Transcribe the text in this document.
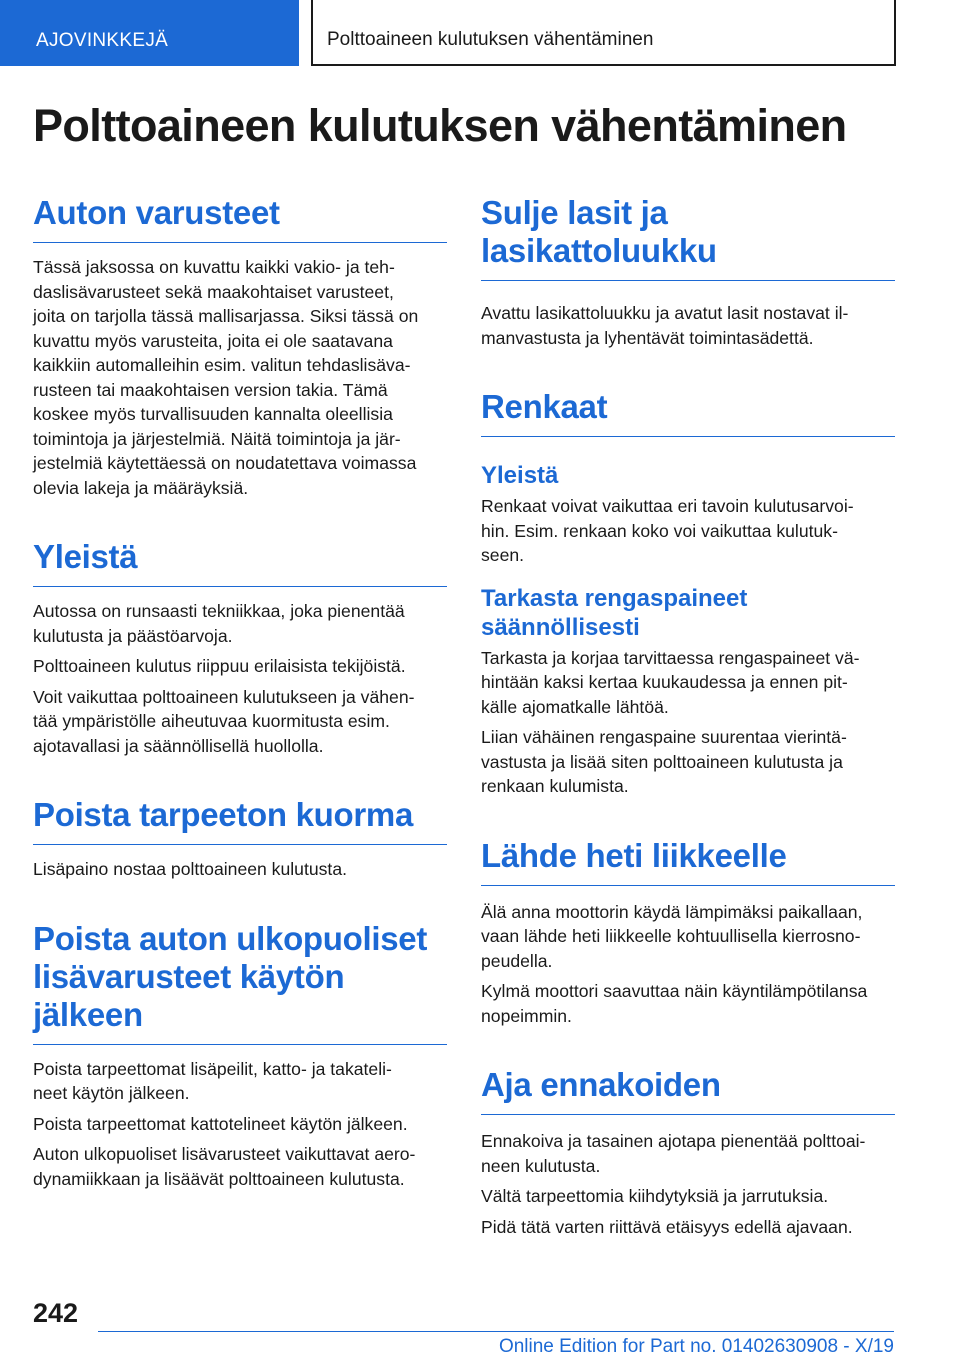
AJOVINKKEJÄ	Polttoaineen kulutuksen vähentäminen
Polttoaineen kulutuksen vähentäminen
Auton varusteet

Tässä jaksossa on kuvattu kaikki vakio- ja teh-
daslisävarusteet sekä maakohtaiset varusteet,
joita on tarjolla tässä mallisarjassa. Siksi tässä on
kuvattu myös varusteita, joita ei ole saatavana
kaikkiin automalleihin esim. valitun tehdaslisäva-
rusteen tai maakohtaisen version takia. Tämä
koskee myös turvallisuuden kannalta oleellisia
toimintoja ja järjestelmiä. Näitä toimintoja ja jär-
jestelmiä käytettäessä on noudatettava voimassa
olevia lakeja ja määräyksiä.

Yleistä

Autossa on runsaasti tekniikkaa, joka pienentää
kulutusta ja päästöarvoja.

Polttoaineen kulutus riippuu erilaisista tekijöistä.

Voit vaikuttaa polttoaineen kulutukseen ja vähen-
tää ympäristölle aiheutuvaa kuormitusta esim.
ajotavallasi ja säännöllisellä huollolla.

Poista tarpeeton kuorma

Lisäpaino nostaa polttoaineen kulutusta.

Poista auton ulkopuoliset
lisävarusteet käytön
jälkeen

Poista tarpeettomat lisäpeilit, katto- ja takateli-
neet käytön jälkeen.

Poista tarpeettomat kattotelineet käytön jälkeen.

Auton ulkopuoliset lisävarusteet vaikuttavat aero-
dynamiikkaan ja lisäävät polttoaineen kulutusta.

Sulje lasit ja
lasikattoluukku

Avattu lasikattoluukku ja avatut lasit nostavat il-
manvastusta ja lyhentävät toimintasädettä.

Renkaat
Yleistä

Renkaat voivat vaikuttaa eri tavoin kulutusarvoi-
hin. Esim. renkaan koko voi vaikuttaa kulutuk-
seen.

Tarkasta rengaspaineet
säännöllisesti

Tarkasta ja korjaa tarvittaessa rengaspaineet vä-
hintään kaksi kertaa kuukaudessa ja ennen pit-
källe ajomatkalle lähtöä.

Liian vähäinen rengaspaine suurentaa vierintä-
vastusta ja lisää siten polttoaineen kulutusta ja
renkaan kulumista.

Lähde heti liikkeelle

Älä anna moottorin käydä lämpimäksi paikallaan,
vaan lähde heti liikkeelle kohtuullisella kierrosno-
peudella.

Kylmä moottori saavuttaa näin käyntilämpötilansa
nopeimmin.

Aja ennakoiden

Ennakoiva ja tasainen ajotapa pienentää polttoai-
neen kulutusta.

Vältä tarpeettomia kiihdytyksiä ja jarrutuksia.

Pidä tätä varten riittävä etäisyys edellä ajavaan.

242
Online Edition for Part no. 01402630908 - X/19
